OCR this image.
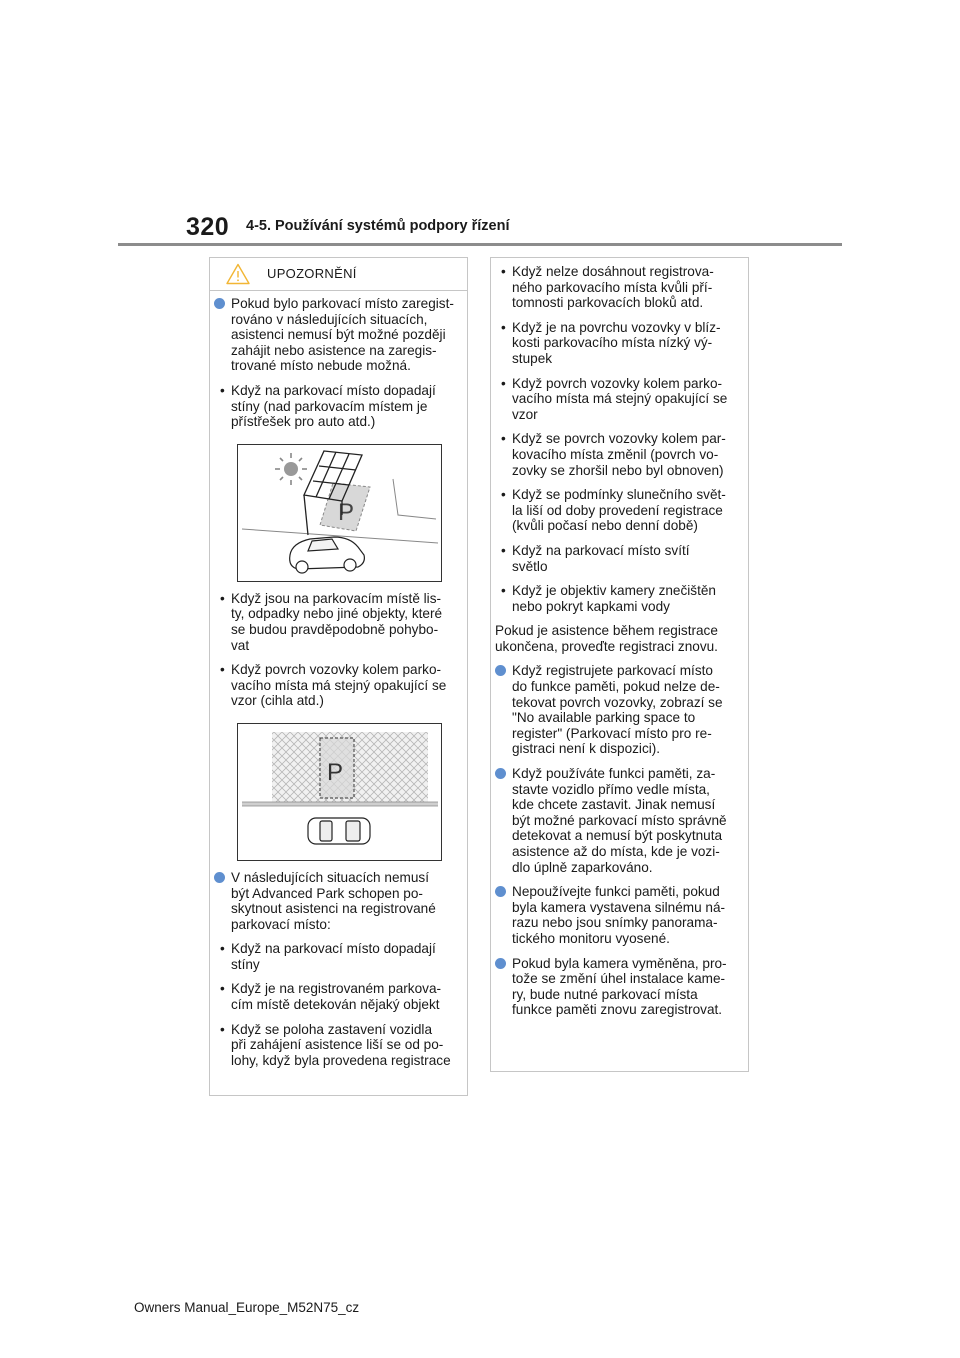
320 4-5. Používání systémů podpory řízení
UPOZORNĚNÍ

Pokud bylo parkovací místo zaregist-
rováno v následujících situacích,
asistenci nemusí být možné později
zahájit nebo asistence na zaregis-
trované místo nebude možná.

• Když na parkovací místo dopadají
stíny (nad parkovacím místem je
přístřešek pro auto atd.)

P

• Když jsou na parkovacím místě lis-
ty, odpadky nebo jiné objekty, které
se budou pravděpodobně pohybo-
vat

• Když povrch vozovky kolem parko-
vacího místa má stejný opakující se
vzor (cihla atd.)

P

V následujících situacích nemusí
být Advanced Park schopen po-
skytnout asistenci na registrované
parkovací místo:

• Když na parkovací místo dopadají
stíny

• Když je na registrovaném parkova-
cím místě detekován nějaký objekt

• Když se poloha zastavení vozidla
při zahájení asistence liší se od po-
lohy, když byla provedena registrace

• Když nelze dosáhnout registrova-
ného parkovacího místa kvůli pří-
tomnosti parkovacích bloků atd.

• Když je na povrchu vozovky v blíz-
kosti parkovacího místa nízký vý-
stupek

• Když povrch vozovky kolem parko-
vacího místa má stejný opakující se
vzor

• Když se povrch vozovky kolem par-
kovacího místa změnil (povrch vo-
zovky se zhoršil nebo byl obnoven)

• Když se podmínky slunečního svět-
la liší od doby provedení registrace
(kvůli počasí nebo denní době)

• Když na parkovací místo svítí
světlo

• Když je objektiv kamery znečištěn
nebo pokryt kapkami vody

Pokud je asistence během registrace
ukončena, proveďte registraci znovu.

Když registrujete parkovací místo
do funkce paměti, pokud nelze de-
tekovat povrch vozovky, zobrazí se
"No available parking space to
register" (Parkovací místo pro re-
gistraci není k dispozici).

Když používáte funkci paměti, za-
stavte vozidlo přímo vedle místa,
kde chcete zastavit. Jinak nemusí
být možné parkovací místo správně
detekovat a nemusí být poskytnuta
asistence až do místa, kde je vozi-
dlo úplně zaparkováno.

Nepoužívejte funkci paměti, pokud
byla kamera vystavena silnému ná-
razu nebo jsou snímky panorama-
tického monitoru vyosené.

Pokud byla kamera vyměněna, pro-
tože se změní úhel instalace kame-
ry, bude nutné parkovací místa
funkce paměti znovu zaregistrovat.

Owners Manual_Europe_M52N75_cz
